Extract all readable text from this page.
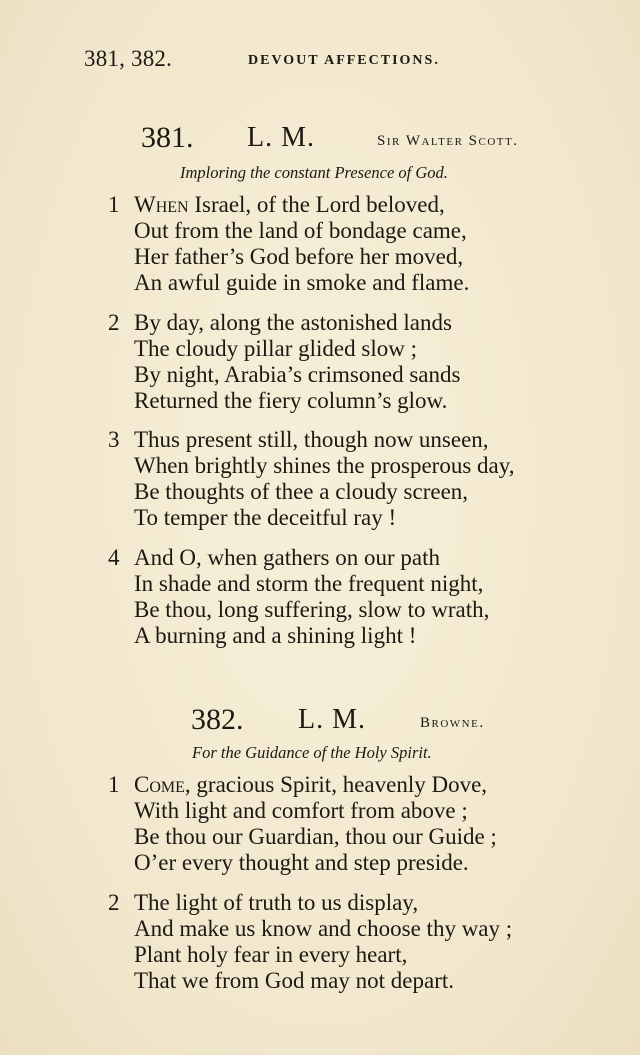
381, 382.	DEVOUT AFFECTIONS.
381. L. M.	Sir Walter Scott.
Imploring the constant Presence of God.
1 When Israel, of the Lord beloved,
Out from the land of bondage came,
Her father’s God before her moved,
An awful guide in smoke and flame.
2 By day, along the astonished lands
The cloudy pillar glided slow ;
By night, Arabia’s crimsoned sands
Returned the fiery column’s glow.
3 Thus present still, though now unseen,
When brightly shines the prosperous day,
Be thoughts of thee a cloudy screen,
To temper the deceitful ray !
4 And O, when gathers on our path
In shade and storm the frequent night,
Be thou, long suffering, slow to wrath,
A burning and a shining light !
382. L. M.	Browne.
For the Guidance of the Holy Spirit.
1 Come, gracious Spirit, heavenly Dove,
With light and comfort from above ;
Be thou our Guardian, thou our Guide ;
O’er every thought and step preside.
2 The light of truth to us display,
And make us know and choose thy way ;
Plant holy fear in every heart,
That we from God may not depart.
